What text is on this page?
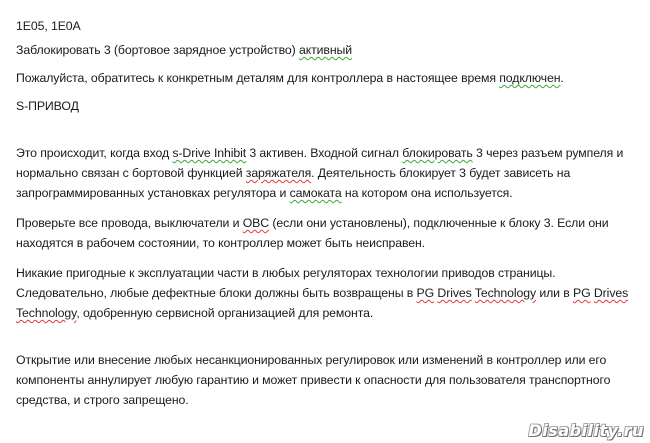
1E05, 1E0A

Заблокировать 3 (бортовое зарядное устройство) активный

Пожалуйста, обратитесь к конкретным деталям для контроллера в настоящее время подключен.

S-ПРИВОД

Это происходит, когда вход s-Drive Inhibit 3 активен. Входной сигнал блокировать 3 через разъем румпеля и нормально связан с бортовой функцией заряжателя. Деятельность блокирует 3 будет зависеть на запрограммированных установках регулятора и самоката на котором она используется.

Проверьте все провода, выключатели и OBC (если они установлены), подключенные к блоку 3. Если они находятся в рабочем состоянии, то контроллер может быть неисправен.

Никакие пригодные к эксплуатации части в любых регуляторах технологии приводов страницы. Следовательно, любые дефектные блоки должны быть возвращены в PG Drives Technology или в PG Drives Technology, одобренную сервисной организацией для ремонта.

Открытие или внесение любых несанкционированных регулировок или изменений в контроллер или его компоненты аннулирует любую гарантию и может привести к опасности для пользователя транспортного средства, и строго запрещено.

Disability.ru
